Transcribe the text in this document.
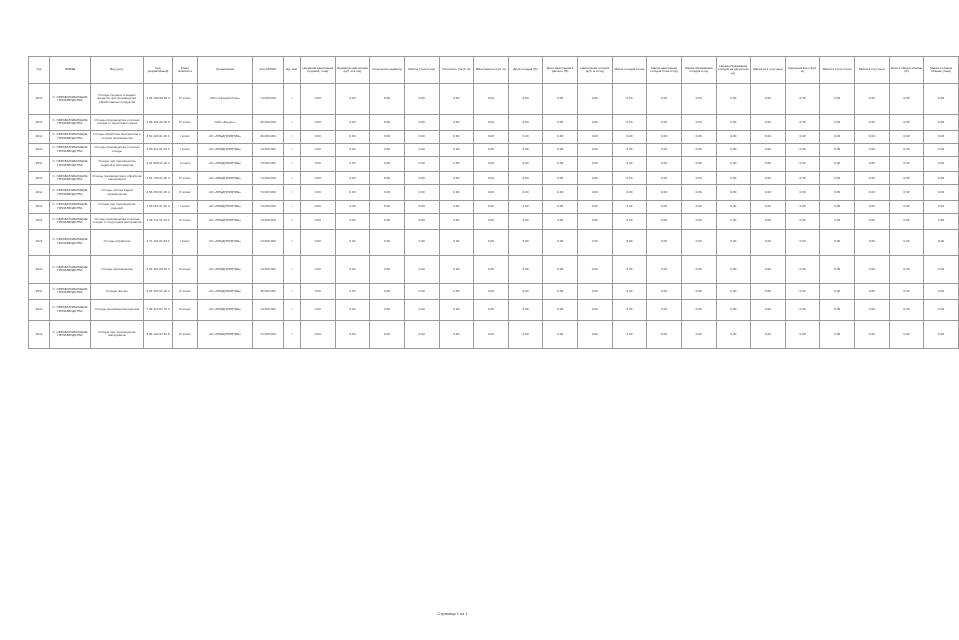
Год	ОКВЭД	Вид услуг	Код (нормативный)	Класс опасности	Организация	Код ОКТМО	Ед. изм.	Норматив накопления (годовой, тонн)	Норматив накопления (куб. м в год)	Количество (единиц)	Расход (тонн в год)	Плотность (т/куб. м)	Вместимость (куб. м)	Доля отходов (%)	Доля накопления в расчете (%)	Накопление отходов (куб. м в год)	Масса отходов (тонн)	Масса накопления отходов (тонн в год)	Норма образования отходов в год	Норма образования отходов на расчетную ед.	Масса за 1 год (тонн)	Удельный вес (т/куб. м)	Масса в сутки (тонн)	Масса в год (тонн)	Доля в общем объеме (%)	Масса в общем объеме (тонн)
2011	С. ОБРАБАТЫВАЮЩИЕ ПРОИЗВОДСТВА	Отходы твердых и жидких веществ при производстве обработанных продуктов	4 04 290 99 99 4	IV класс	ОАО «Предприятие»	74 626 000	т	0,00	0,00	0,00	0,00	0,00	0,00	0,00	0,00	0,00	0,00	0,00	0,00	0,00	0,00	0,00	0,00	0,00	0,00	0,00
2011	С. ОБРАБАТЫВАЮЩИЕ ПРОИЗВОДСТВА	Отходы производства и прочие отходы от подготовки сырья	4 68 101 00 00 0	IV класс	ОАО «Ресурс»	46 000 000	т	0,00	0,00	0,00	0,00	0,00	0,00	0,00	0,00	0,00	0,00	0,00	0,00	0,00	0,00	0,00	0,00	0,00	0,00	0,00
2011	С. ОБРАБАТЫВАЮЩИЕ ПРОИЗВОДСТВА	Отходы обработки материалов и остатки производства	3 61 224 01 20 3	I класс	АО «ПРЕДПРИЯТИЕ»	46 000 000	т	0,00	0,00	0,00	0,00	0,00	0,00	0,00	0,00	0,00	0,00	0,00	0,00	0,00	0,00	0,00	0,00	0,00	0,00	0,00
2011	С. ОБРАБАТЫВАЮЩИЕ ПРОИЗВОДСТВА	Отходы производства и прочие отходы	3 06 111 01 20 3	I класс	АО «ПРЕДПРИЯТИЕ»	74 000 000	т	0,00	0,00	0,00	0,00	0,00	0,00	0,00	0,00	0,00	0,00	0,00	0,00	0,00	0,00	0,00	0,00	0,00	0,00	0,00
2011	С. ОБРАБАТЫВАЮЩИЕ ПРОИЗВОДСТВА	Отходы при производстве изделий и материалов	4 01 006 01 20 4	II класс	АО «ПРЕДПРИЯТИЕ»	74 000 000	т	0,00	0,00	0,00	0,00	0,00	0,00	0,00	0,00	0,00	0,00	0,00	0,00	0,00	0,00	0,00	0,00	0,00	0,00	0,00
2011	С. ОБРАБАТЫВАЮЩИЕ ПРОИЗВОДСТВА	Отходы производства и обработки материалов	3 61 700 01 20 4	IV класс	АО «ПРЕДПРИЯТИЕ»	74 000 000	т	0,00	0,00	0,00	0,00	0,00	0,00	0,00	0,00	0,00	0,00	0,00	0,00	0,00	0,00	0,00	0,00	0,00	0,00	0,00
2011	С. ОБРАБАТЫВАЮЩИЕ ПРОИЗВОДСТВА	Отходы прочих видов производства	4 68 450 01 20 4	IV класс	АО «ПРЕДПРИЯТИЕ»	74 000 000	т	0,00	0,00	0,00	0,00	0,00	0,00	0,00	0,00	0,00	0,00	0,00	0,00	0,00	0,00	0,00	0,00	0,00	0,00	0,00
2011	С. ОБРАБАТЫВАЮЩИЕ ПРОИЗВОДСТВА	Отходы при производстве изделий	7 33 001 01 20 4	I класс	АО «ПРЕДПРИЯТИЕ»	74 000 000	т	0,00	0,00	0,00	0,00	0,00	0,00	0,00	0,00	0,00	0,00	0,00	0,00	0,00	0,00	0,00	0,00	0,00	0,00	0,00
2011	С. ОБРАБАТЫВАЮЩИЕ ПРОИЗВОДСТВА	Отходы производства и прочие отходы от подготовки материалов	4 06 711 01 20 4	IV класс	АО «ПРЕДПРИЯТИЕ»	74 000 000	т	0,00	0,00	0,00	0,00	0,00	0,00	0,00	0,00	0,00	0,00	0,00	0,00	0,00	0,00	0,00	0,00	0,00	0,00	0,00
2011	С. ОБРАБАТЫВАЮЩИЕ ПРОИЗВОДСТВА	Отходы обработки	4 71 101 01 52 1	I класс	АО «ПРЕДПРИЯТИЕ»	74 000 000	т	0,00	0,00	0,00	0,00	0,00	0,00	0,00	0,00	0,00	0,00	0,00	0,00	0,00	0,00	0,00	0,00	0,00	0,00	0,00
2011	С. ОБРАБАТЫВАЮЩИЕ ПРОИЗВОДСТВА	Отходы производства	4 03 101 00 52 4	IV класс	АО «ПРЕДПРИЯТИЕ»	74 000 000	т	0,00	0,00	0,00	0,00	0,00	0,00	0,00	0,00	0,00	0,00	0,00	0,00	0,00	0,00	0,00	0,00	0,00	0,00	0,00
2011	С. ОБРАБАТЫВАЮЩИЕ ПРОИЗВОДСТВА	Отходы прочие	4 06 333 01 20 4	IV класс	АО «ПРЕДПРИЯТИЕ»	46 000 000	т	0,00	0,00	0,00	0,00	0,00	0,00	0,00	0,00	0,00	0,00	0,00	0,00	0,00	0,00	0,00	0,00	0,00	0,00	0,00
2011	С. ОБРАБАТЫВАЮЩИЕ ПРОИЗВОДСТВА	Отходы производства изделий	7 36 410 01 72 4	IV класс	АО «ПРЕДПРИЯТИЕ»	74 000 000	т	0,00	0,00	0,00	0,00	0,00	0,00	0,00	0,00	0,00	0,00	0,00	0,00	0,00	0,00	0,00	0,00	0,00	0,00	0,00
2011	С. ОБРАБАТЫВАЮЩИЕ ПРОИЗВОДСТВА	Отходы при производстве материалов	4 05 122 02 60 5	IV класс	АО «ПРЕДПРИЯТИЕ»	74 000 000	т	0,00	0,00	0,00	0,00	0,00	0,00	0,00	0,00	0,00	0,00	0,00	0,00	0,00	0,00	0,00	0,00	0,00	0,00	0,00
Страница 1 из 1
